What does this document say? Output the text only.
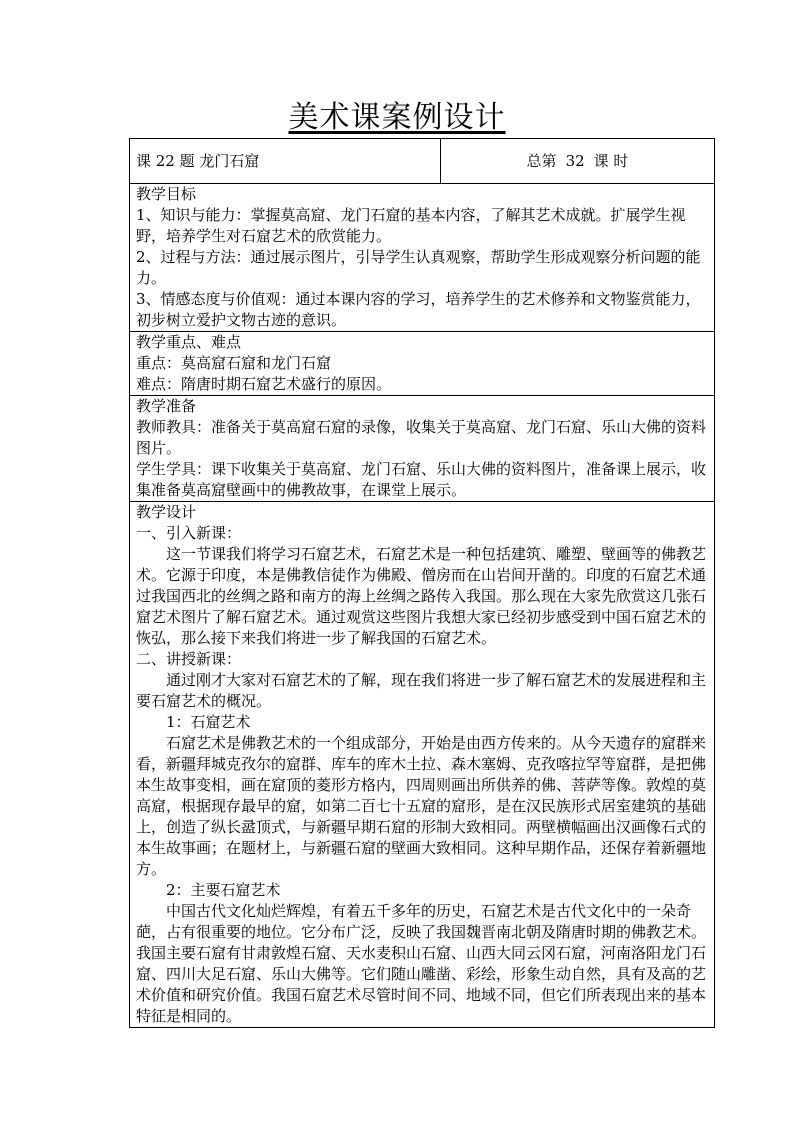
美术课案例设计
课 22 题 龙门石窟	总第 32 课 时

教学目标

1、知识与能力：掌握莫高窟、龙门石窟的基本内容，了解其艺术成就。扩展学生视野，培养学生对石窟艺术的欣赏能力。

2、过程与方法：通过展示图片，引导学生认真观察，帮助学生形成观察分析问题的能力。

3、情感态度与价值观：通过本课内容的学习，培养学生的艺术修养和文物鉴赏能力，初步树立爱护文物古迹的意识。

教学重点、难点

重点：莫高窟石窟和龙门石窟

难点：隋唐时期石窟艺术盛行的原因。

教学准备

教师教具：准备关于莫高窟石窟的录像，收集关于莫高窟、龙门石窟、乐山大佛的资料图片。

学生学具：课下收集关于莫高窟、龙门石窟、乐山大佛的资料图片，准备课上展示，收集准备莫高窟壁画中的佛教故事，在课堂上展示。

教学设计

一、引入新课：

这一节课我们将学习石窟艺术，石窟艺术是一种包括建筑、雕塑、壁画等的佛教艺术。它源于印度，本是佛教信徒作为佛殿、僧房而在山岩间开凿的。印度的石窟艺术通过我国西北的丝绸之路和南方的海上丝绸之路传入我国。那么现在大家先欣赏这几张石窟艺术图片了解石窟艺术。通过观赏这些图片我想大家已经初步感受到中国石窟艺术的恢弘，那么接下来我们将进一步了解我国的石窟艺术。

二、讲授新课：

通过刚才大家对石窟艺术的了解，现在我们将进一步了解石窟艺术的发展进程和主要石窟艺术的概况。

1：石窟艺术

石窟艺术是佛教艺术的一个组成部分，开始是由西方传来的。从今天遗存的窟群来看，新疆拜城克孜尔的窟群、库车的库木土拉、森木塞姆、克孜喀拉罕等窟群，是把佛本生故事变相，画在窟顶的菱形方格内，四周则画出所供养的佛、菩萨等像。敦煌的莫高窟，根据现存最早的窟，如第二百七十五窟的窟形，是在汉民族形式居室建筑的基础上，创造了纵长盝顶式，与新疆早期石窟的形制大致相同。两壁横幅画出汉画像石式的本生故事画；在题材上，与新疆石窟的壁画大致相同。这种早期作品，还保存着新疆地方。

2：主要石窟艺术

中国古代文化灿烂辉煌，有着五千多年的历史，石窟艺术是古代文化中的一朵奇葩，占有很重要的地位。它分布广泛，反映了我国魏晋南北朝及隋唐时期的佛教艺术。我国主要石窟有甘肃敦煌石窟、天水麦积山石窟、山西大同云冈石窟，河南洛阳龙门石窟、四川大足石窟、乐山大佛等。它们随山雕凿、彩绘，形象生动自然，具有及高的艺术价值和研究价值。我国石窟艺术尽管时间不同、地域不同，但它们所表现出来的基本特征是相同的。
